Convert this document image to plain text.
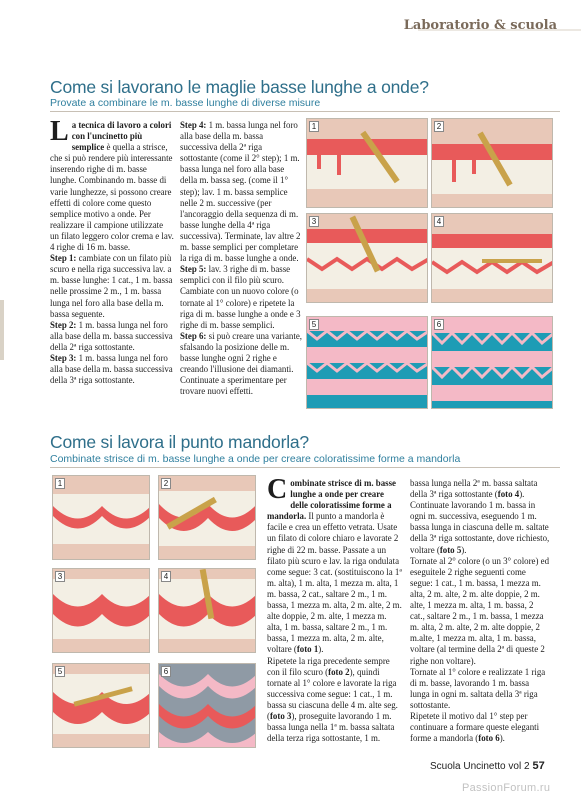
Laboratorio & scuola
Come si lavorano le maglie basse lunghe a onde?
Provate a combinare le m. basse lunghe di diverse misure
La tecnica di lavoro a colori con l'uncinetto più semplice è quella a strisce, che si può rendere più interessante inserendo righe di m. basse lunghe. Combinando m. basse di varie lunghezze, si possono creare effetti di colore come questo semplice motivo a onde. Per realizzare il campione utilizzate un filato leggero color crema e lav. 4 righe di 16 m. basse.
Step 1: cambiate con un filato più scuro e nella riga successiva lav. a m. basse lunghe: 1 cat., 1 m. bassa nelle prossime 2 m., 1 m. bassa lunga nel foro alla base della m. bassa seguente.
Step 2: 1 m. bassa lunga nel foro alla base della m. bassa successiva della 2ª riga sottostante.
Step 3: 1 m. bassa lunga nel foro alla base della m. bassa successiva della 3ª riga sottostante.
Step 4: 1 m. bassa lunga nel foro alla base della m. bassa successiva della 2ª riga sottostante (come il 2° step); 1 m. bassa lunga nel foro alla base della m. bassa seg. (come il 1° step); lav. 1 m. bassa semplice nelle 2 m. successive (per l'ancoraggio della sequenza di m. basse lunghe della 4ª riga successiva). Terminate, lav altre 2 m. basse semplici per completare la riga di m. basse lunghe a onde.
Step 5: lav. 3 righe di m. basse semplici con il filo più scuro. Cambiate con un nuovo colore (o tornate al 1° colore) e ripetete la riga di m. basse lunghe a onde e 3 righe di m. basse semplici.
Step 6: si può creare una variante, sfalsando la posizione delle m. basse lunghe ogni 2 righe e creando l'illusione dei diamanti. Continuate a sperimentare per trovare nuovi effetti.
1	2
3	4
5	6
Come si lavora il punto mandorla?
Combinate strisce di m. basse lunghe a onde per creare coloratissime forme a mandorla
1	2
3	4
5	6
Combinate strisce di m. basse lunghe a onde per creare delle coloratissime forme a mandorla. Il punto a mandorla è facile e crea un effetto vetrata. Usate un filato di colore chiaro e lavorate 2 righe di 22 m. basse. Passate a un filato più scuro e lav. la riga ondulata come segue: 3 cat. (sostituiscono la 1ª m. alta), 1 m. alta, 1 mezza m. alta, 1 m. bassa, 2 cat., saltare 2 m., 1 m. bassa, 1 mezza m. alta, 2 m. alte, 2 m. alte doppie, 2 m. alte, 1 mezza m. alta, 1 m. bassa, saltare 2 m., 1 m. bassa, 1 mezza m. alta, 2 m. alte, voltare (foto 1).
Ripetete la riga precedente sempre con il filo scuro (foto 2), quindi tornate al 1° colore e lavorate la riga successiva come segue: 1 cat., 1 m. bassa su ciascuna delle 4 m. alte seg. (foto 3), proseguite lavorando 1 m. bassa lunga nella 1ª m. bassa saltata della terza riga sottostante, 1 m.
bassa lunga nella 2ª m. bassa saltata della 3ª riga sottostante (foto 4).
Continuate lavorando 1 m. bassa in ogni m. successiva, eseguendo 1 m. bassa lunga in ciascuna delle m. saltate della 3ª riga sottostante, dove richiesto, voltare (foto 5).
Tornate al 2° colore (o un 3° colore) ed eseguitele 2 righe seguenti come segue: 1 cat., 1 m. bassa, 1 mezza m. alta, 2 m. alte, 2 m. alte doppie, 2 m. alte, 1 mezza m. alta, 1 m. bassa, 2 cat., saltare 2 m., 1 m. bassa, 1 mezza m. alta, 2 m. alte, 2 m. alte doppie, 2 m.alte, 1 mezza m. alta, 1 m. bassa, voltare (al termine della 2ª di queste 2 righe non voltare).
Tornate al 1° colore e realizzate 1 riga di m. basse, lavorando 1 m. bassa lunga in ogni m. saltata della 3ª riga sottostante.
Ripetete il motivo dal 1° step per continuare a formare queste eleganti forme a mandorla (foto 6).
Scuola Uncinetto vol 2 57
PassionForum.ru
